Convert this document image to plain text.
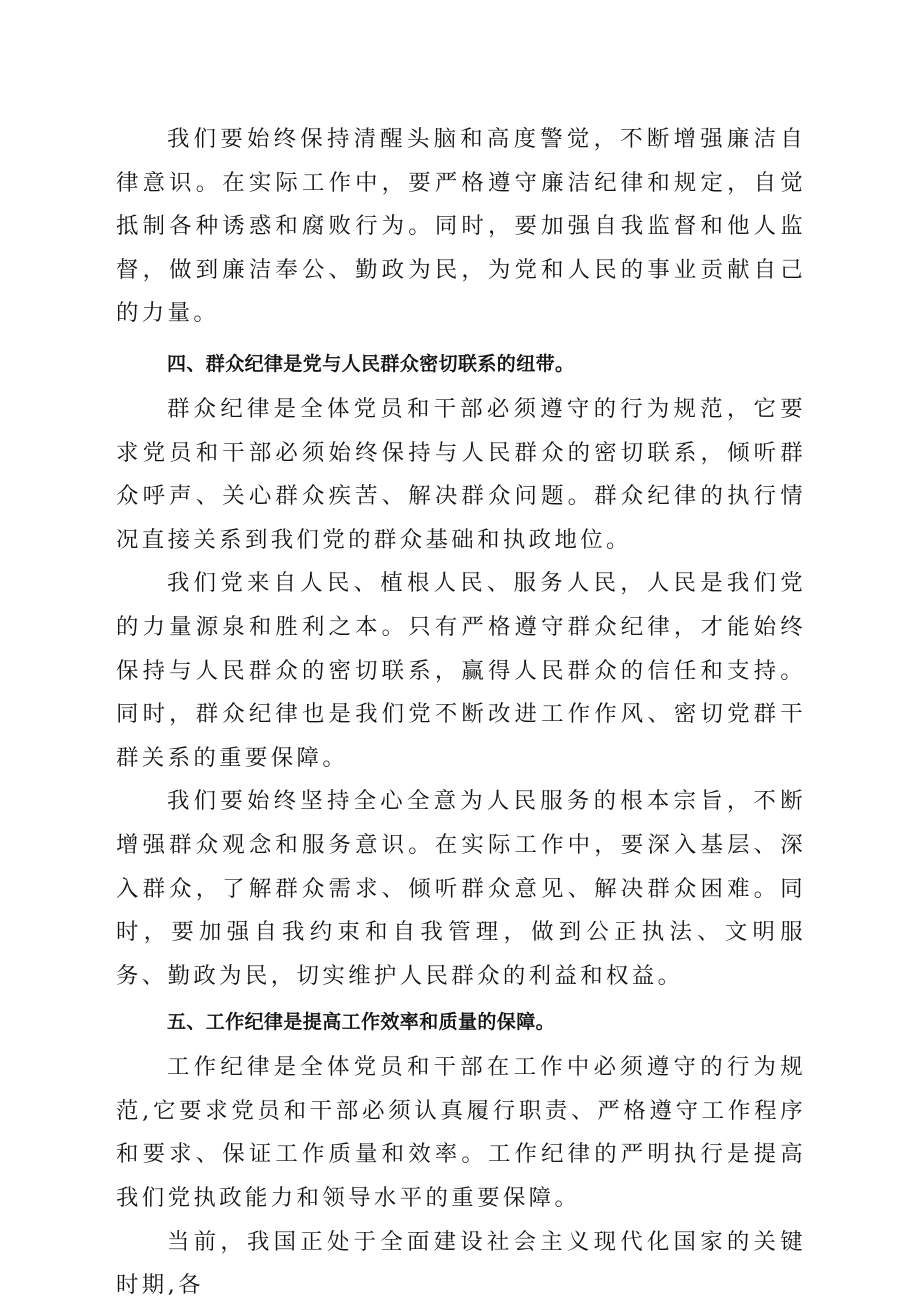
我们要始终保持清醒头脑和高度警觉，不断增强廉洁自律意识。在实际工作中，要严格遵守廉洁纪律和规定，自觉抵制各种诱惑和腐败行为。同时，要加强自我监督和他人监督，做到廉洁奉公、勤政为民，为党和人民的事业贡献自己的力量。

四、群众纪律是党与人民群众密切联系的纽带。

群众纪律是全体党员和干部必须遵守的行为规范，它要求党员和干部必须始终保持与人民群众的密切联系，倾听群众呼声、关心群众疾苦、解决群众问题。群众纪律的执行情况直接关系到我们党的群众基础和执政地位。

我们党来自人民、植根人民、服务人民，人民是我们党的力量源泉和胜利之本。只有严格遵守群众纪律，才能始终保持与人民群众的密切联系，赢得人民群众的信任和支持。同时，群众纪律也是我们党不断改进工作作风、密切党群干群关系的重要保障。

我们要始终坚持全心全意为人民服务的根本宗旨，不断增强群众观念和服务意识。在实际工作中，要深入基层、深入群众，了解群众需求、倾听群众意见、解决群众困难。同时，要加强自我约束和自我管理，做到公正执法、文明服务、勤政为民，切实维护人民群众的利益和权益。

五、工作纪律是提高工作效率和质量的保障。

工作纪律是全体党员和干部在工作中必须遵守的行为规范,它要求党员和干部必须认真履行职责、严格遵守工作程序和要求、保证工作质量和效率。工作纪律的严明执行是提高我们党执政能力和领导水平的重要保障。

当前，我国正处于全面建设社会主义现代化国家的关键时期,各
